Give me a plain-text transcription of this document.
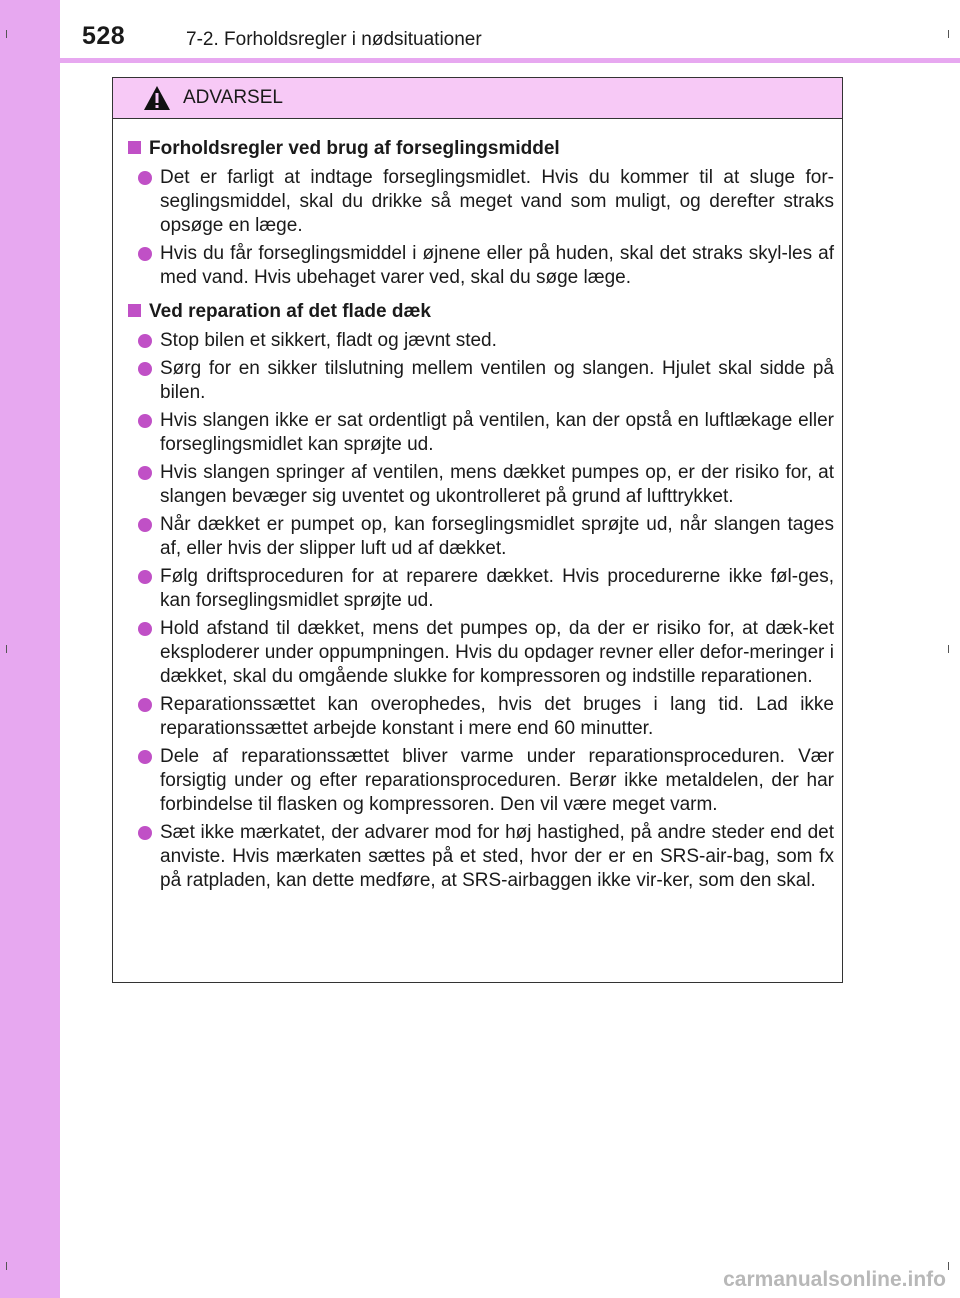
528	7-2. Forholdsregler i nødsituationer
ADVARSEL
Forholdsregler ved brug af forseglingsmiddel
Det er farligt at indtage forseglingsmidlet. Hvis du kommer til at sluge for-seglingsmiddel, skal du drikke så meget vand som muligt, og derefter straks opsøge en læge.
Hvis du får forseglingsmiddel i øjnene eller på huden, skal det straks skyl-les af med vand. Hvis ubehaget varer ved, skal du søge læge.
Ved reparation af det flade dæk
Stop bilen et sikkert, fladt og jævnt sted.
Sørg for en sikker tilslutning mellem ventilen og slangen. Hjulet skal sidde på bilen.
Hvis slangen ikke er sat ordentligt på ventilen, kan der opstå en luftlækage eller forseglingsmidlet kan sprøjte ud.
Hvis slangen springer af ventilen, mens dækket pumpes op, er der risiko for, at slangen bevæger sig uventet og ukontrolleret på grund af lufttrykket.
Når dækket er pumpet op, kan forseglingsmidlet sprøjte ud, når slangen tages af, eller hvis der slipper luft ud af dækket.
Følg driftsproceduren for at reparere dækket. Hvis procedurerne ikke føl-ges, kan forseglingsmidlet sprøjte ud.
Hold afstand til dækket, mens det pumpes op, da der er risiko for, at dæk-ket eksploderer under oppumpningen. Hvis du opdager revner eller defor-meringer i dækket, skal du omgående slukke for kompressoren og indstille reparationen.
Reparationssættet kan overophedes, hvis det bruges i lang tid. Lad ikke reparationssættet arbejde konstant i mere end 60 minutter.
Dele af reparationssættet bliver varme under reparationsproceduren. Vær forsigtig under og efter reparationsproceduren. Berør ikke metaldelen, der har forbindelse til flasken og kompressoren. Den vil være meget varm.
Sæt ikke mærkatet, der advarer mod for høj hastighed, på andre steder end det anviste. Hvis mærkaten sættes på et sted, hvor der er en SRS-air-bag, som fx på ratpladen, kan dette medføre, at SRS-airbaggen ikke vir-ker, som den skal.
carmanualsonline.info
